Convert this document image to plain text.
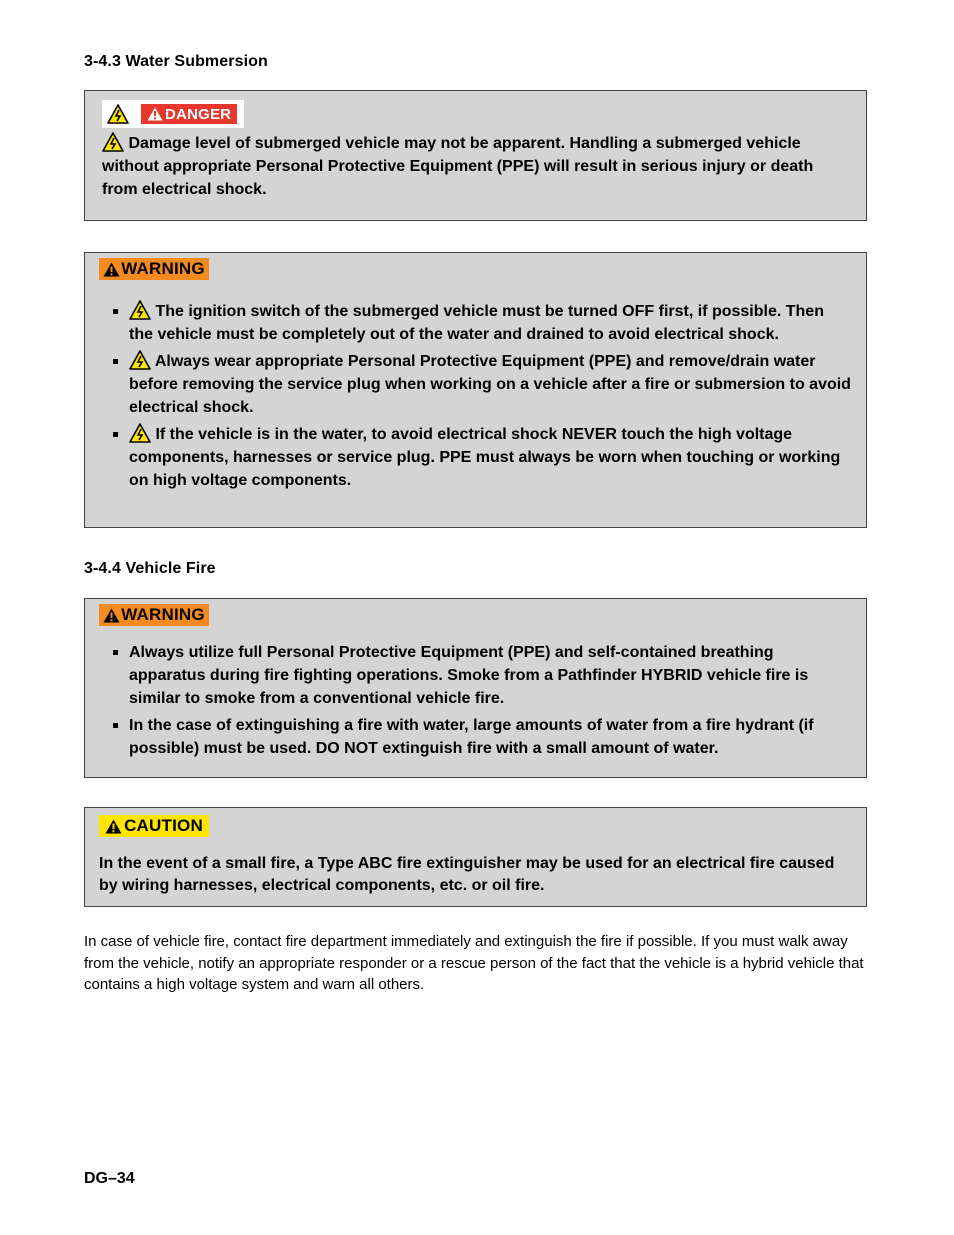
3-4.3 Water Submersion
DANGER

Damage level of submerged vehicle may not be apparent. Handling a submerged vehicle without appropriate Personal Protective Equipment (PPE) will result in serious injury or death from electrical shock.

WARNING
The ignition switch of the submerged vehicle must be turned OFF first, if possible. Then the vehicle must be completely out of the water and drained to avoid electrical shock.
Always wear appropriate Personal Protective Equipment (PPE) and remove/drain water before removing the service plug when working on a vehicle after a fire or submersion to avoid electrical shock.
If the vehicle is in the water, to avoid electrical shock NEVER touch the high voltage components, harnesses or service plug. PPE must always be worn when touching or working on high voltage components.
3-4.4 Vehicle Fire
WARNING
Always utilize full Personal Protective Equipment (PPE) and self-contained breathing apparatus during fire fighting operations. Smoke from a Pathfinder HYBRID vehicle fire is similar to smoke from a conventional vehicle fire.
In the case of extinguishing a fire with water, large amounts of water from a fire hydrant (if possible) must be used. DO NOT extinguish fire with a small amount of water.
CAUTION

In the event of a small fire, a Type ABC fire extinguisher may be used for an electrical fire caused by wiring harnesses, electrical components, etc. or oil fire.

In case of vehicle fire, contact fire department immediately and extinguish the fire if possible. If you must walk away from the vehicle, notify an appropriate responder or a rescue person of the fact that the vehicle is a hybrid vehicle that contains a high voltage system and warn all others.
DG–34
